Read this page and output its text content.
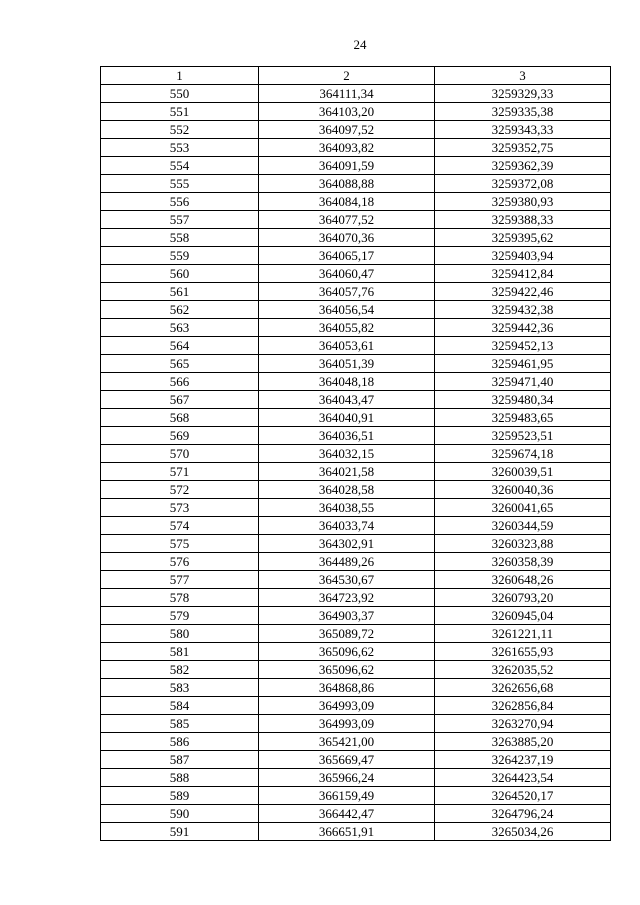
24
1	2	3
550	364111,34	3259329,33
551	364103,20	3259335,38
552	364097,52	3259343,33
553	364093,82	3259352,75
554	364091,59	3259362,39
555	364088,88	3259372,08
556	364084,18	3259380,93
557	364077,52	3259388,33
558	364070,36	3259395,62
559	364065,17	3259403,94
560	364060,47	3259412,84
561	364057,76	3259422,46
562	364056,54	3259432,38
563	364055,82	3259442,36
564	364053,61	3259452,13
565	364051,39	3259461,95
566	364048,18	3259471,40
567	364043,47	3259480,34
568	364040,91	3259483,65
569	364036,51	3259523,51
570	364032,15	3259674,18
571	364021,58	3260039,51
572	364028,58	3260040,36
573	364038,55	3260041,65
574	364033,74	3260344,59
575	364302,91	3260323,88
576	364489,26	3260358,39
577	364530,67	3260648,26
578	364723,92	3260793,20
579	364903,37	3260945,04
580	365089,72	3261221,11
581	365096,62	3261655,93
582	365096,62	3262035,52
583	364868,86	3262656,68
584	364993,09	3262856,84
585	364993,09	3263270,94
586	365421,00	3263885,20
587	365669,47	3264237,19
588	365966,24	3264423,54
589	366159,49	3264520,17
590	366442,47	3264796,24
591	366651,91	3265034,26
